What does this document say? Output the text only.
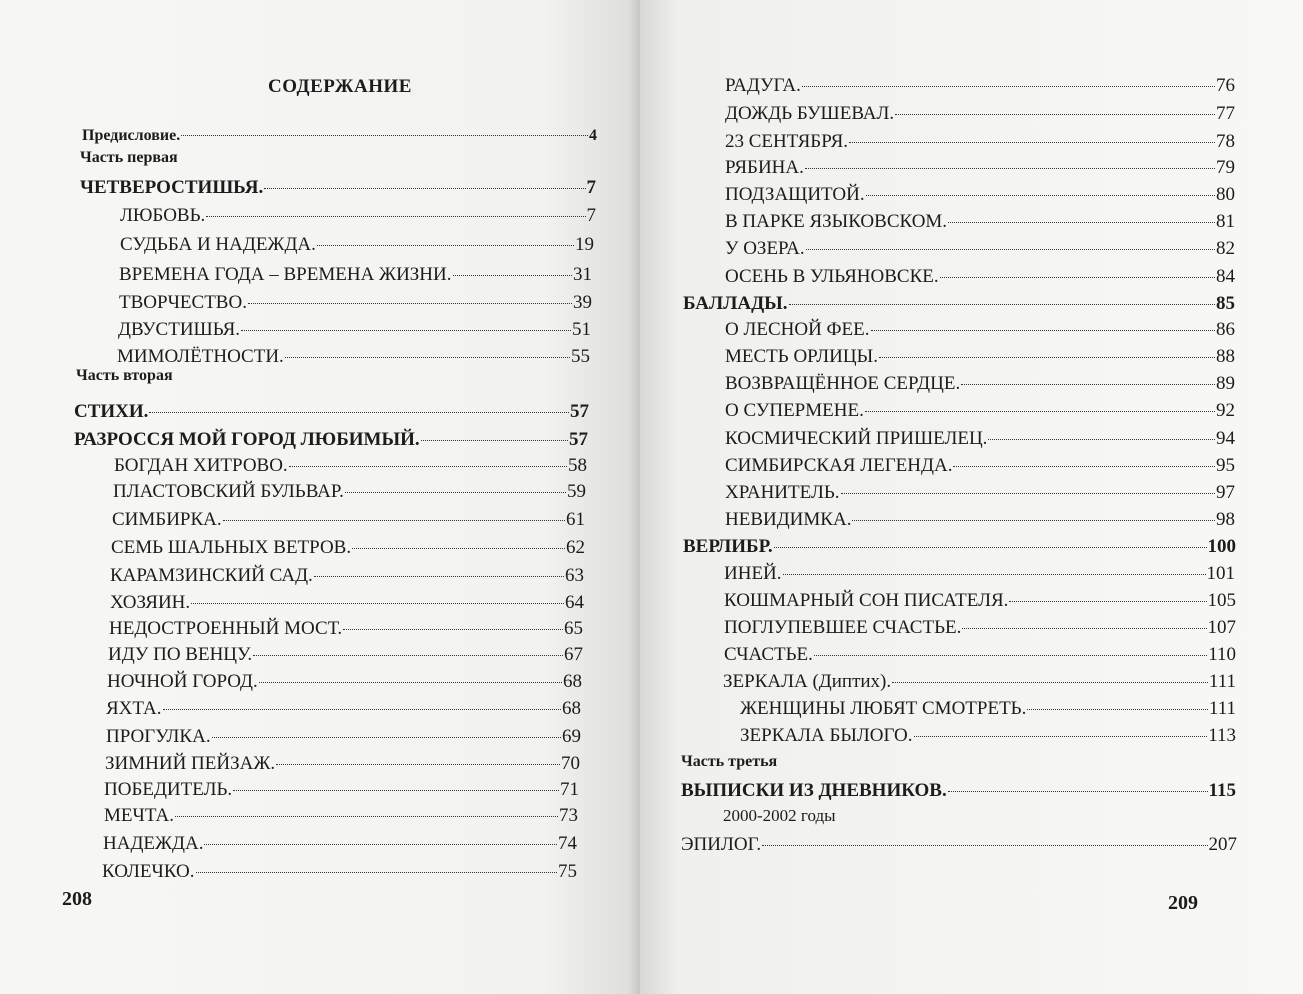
СОДЕРЖАНИЕ
Предисловие.	4
Часть первая
ЧЕТВЕРОСТИШЬЯ.	7
ЛЮБОВЬ.	7
СУДЬБА И НАДЕЖДА.	19
ВРЕМЕНА ГОДА – ВРЕМЕНА ЖИЗНИ.	31
ТВОРЧЕСТВО.	39
ДВУСТИШЬЯ.	51
МИМОЛЁТНОСТИ.	55
Часть вторая
СТИХИ.	57
РАЗРОССЯ МОЙ ГОРОД ЛЮБИМЫЙ.	57
БОГДАН ХИТРОВО.	58
ПЛАСТОВСКИЙ БУЛЬВАР.	59
СИМБИРКА.	61
СЕМЬ ШАЛЬНЫХ ВЕТРОВ.	62
КАРАМЗИНСКИЙ САД.	63
ХОЗЯИН.	64
НЕДОСТРОЕННЫЙ МОСТ.	65
ИДУ ПО ВЕНЦУ.	67
НОЧНОЙ ГОРОД.	68
ЯХТА.	68
ПРОГУЛКА.	69
ЗИМНИЙ ПЕЙЗАЖ.	70
ПОБЕДИТЕЛЬ.	71
МЕЧТА.	73
НАДЕЖДА.	74
КОЛЕЧКО.	75
208
РАДУГА.	76
ДОЖДЬ БУШЕВАЛ.	77
23 СЕНТЯБРЯ.	78
РЯБИНА.	79
ПОДЗАЩИТОЙ.	80
В ПАРКЕ ЯЗЫКОВСКОМ.	81
У ОЗЕРА.	82
ОСЕНЬ В УЛЬЯНОВСКЕ.	84
БАЛЛАДЫ.	85
О ЛЕСНОЙ ФЕЕ.	86
МЕСТЬ ОРЛИЦЫ.	88
ВОЗВРАЩЁННОЕ СЕРДЦЕ.	89
О СУПЕРМЕНЕ.	92
КОСМИЧЕСКИЙ ПРИШЕЛЕЦ.	94
СИМБИРСКАЯ ЛЕГЕНДА.	95
ХРАНИТЕЛЬ.	97
НЕВИДИМКА.	98
ВЕРЛИБР.	100
ИНЕЙ.	101
КОШМАРНЫЙ СОН ПИСАТЕЛЯ.	105
ПОГЛУПЕВШЕЕ СЧАСТЬЕ.	107
СЧАСТЬЕ.	110
ЗЕРКАЛА (Диптих).	111
ЖЕНЩИНЫ ЛЮБЯТ СМОТРЕТЬ.	111
ЗЕРКАЛА БЫЛОГО.	113
Часть третья
ВЫПИСКИ ИЗ ДНЕВНИКОВ.	115
2000-2002 годы
ЭПИЛОГ.	207
209
